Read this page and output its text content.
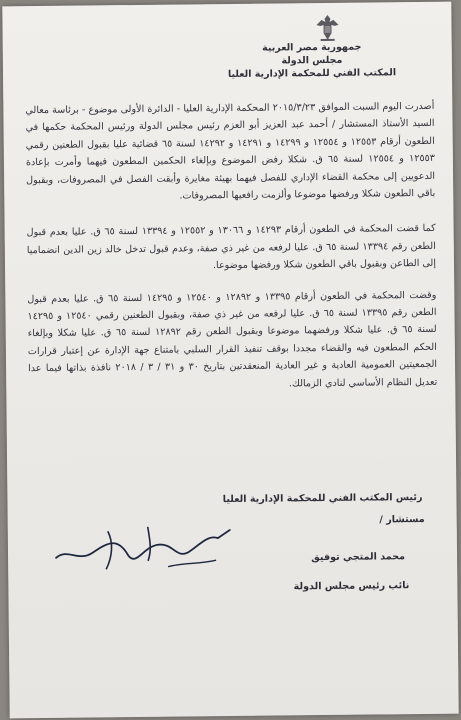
جمهورية مصر العربية
مجلس الدولة
المكتب الفني للمحكمة الإدارية العليا

أصدرت اليوم السبت الموافق ٢٠١٥/٣/٢٣ المحكمة الإدارية العليا - الدائرة الأولى موضوع - برئاسة معالي السيد الأستاذ المستشار / أحمد عبد العزيز أبو العزم رئيس مجلس الدولة ورئيس المحكمة حكمها في الطعون أرقام ١٢٥٥٣ و ١٢٥٥٤ و ١٤٢٩٩ و ١٤٢٩١ و ١٤٢٩٢ لسنة ٦٥ قضائية عليا بقبول الطعنين رقمي ١٢٥٥٣ و ١٢٥٥٤ لسنة ٦٥ ق. شكلا رفض الموضوع وبإلغاء الحكمين المطعون فيهما وأمرت بإعادة الدعويين إلى محكمة القضاء الإداري للفصل فيهما بهيئة مغايرة وأبقت الفصل في المصروفات، وبقبول باقي الطعون شكلا ورفضها موضوعا وألزمت رافعيها المصروفات.

كما قضت المحكمة في الطعون أرقام ١٤٢٩٣ و ١٣٠٦٦ و ١٢٥٥٢ و ١٣٣٩٤ لسنة ٦٥ ق. عليا بعدم قبول الطعن رقم ١٣٣٩٤ لسنة ٦٥ ق. عليا لرفعه من غير ذي صفة، وعدم قبول تدخل خالد زين الدين انضماميا إلى الطاعن وبقبول باقي الطعون شكلا ورفضها موضوعا.

وقضت المحكمة في الطعون أرقام ١٣٣٩٥ و ١٢٨٩٢ و ١٢٥٤٠ و ١٤٢٩٥ لسنة ٦٥ ق. عليا بعدم قبول الطعن رقم ١٣٣٩٥ لسنة ٦٥ ق. عليا لرفعه من غير ذي صفة، وبقبول الطعنين رقمي ١٢٥٤٠ و ١٤٢٩٥ لسنة ٦٥ ق. عليا شكلا ورفضهما موضوعا وبقبول الطعن رقم ١٢٨٩٢ لسنة ٦٥ ق. عليا شكلا وبإلغاء الحكم المطعون فيه والقضاء مجددا بوقف تنفيذ القرار السلبي بامتناع جهة الإدارة عن إعتبار قرارات الجمعيتين العمومية العادية و غير العادية المنعقدتين بتاريخ ٣٠ و ٣١ / ٣ / ٢٠١٨ نافذة بذاتها فيما عدا تعديل النظام الأساسي لنادي الزمالك.

رئيس المكتب الفني للمحكمة الإدارية العليا
مستشار /
محمد المتجي توفيق
نائب رئيس مجلس الدولة
